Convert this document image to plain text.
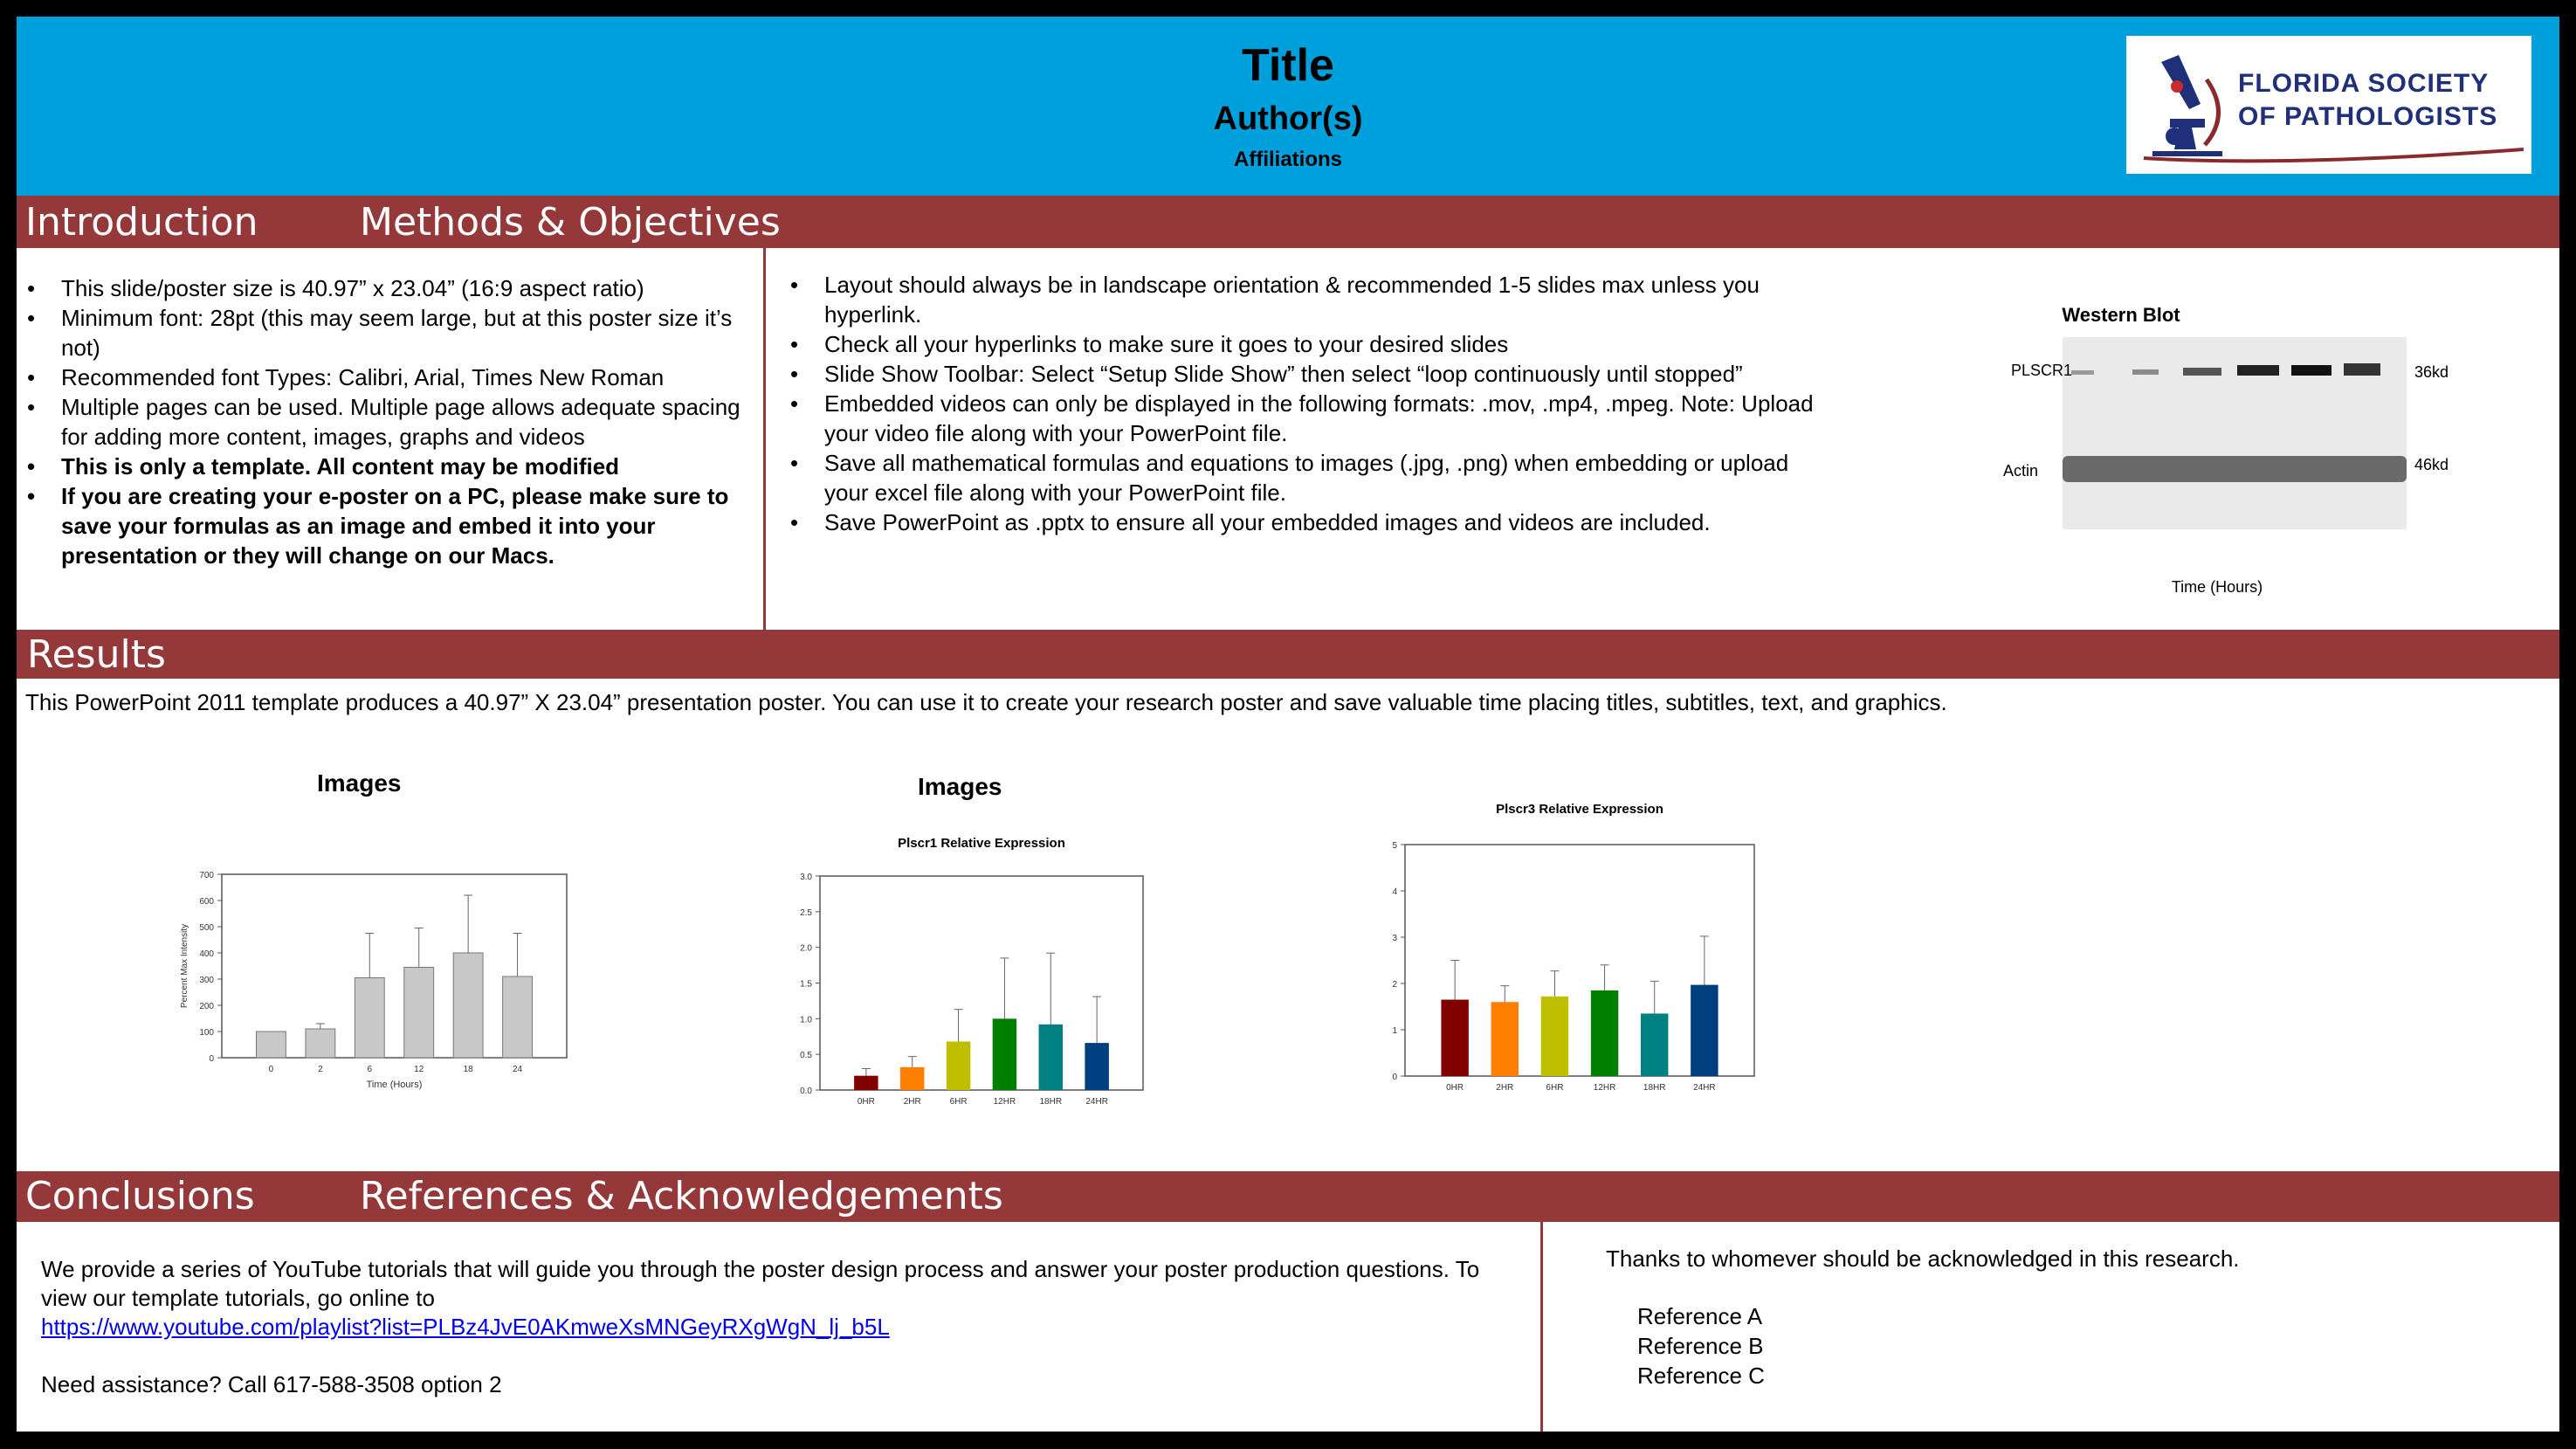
Title
Author(s)
Affiliations
FLORIDA SOCIETY
OF PATHOLOGISTS
Introduction	Methods & Objectives
• This slide/poster size is 40.97” x 23.04” (16:9 aspect ratio)
• Minimum font: 28pt (this may seem large, but at this poster size it’s not)
• Recommended font Types: Calibri, Arial, Times New Roman
• Multiple pages can be used. Multiple page allows adequate spacing for adding more content, images, graphs and videos
• This is only a template. All content may be modified
• If you are creating your e-poster on a PC, please make sure to save your formulas as an image and embed it into your presentation or they will change on our Macs.
• Layout should always be in landscape orientation & recommended 1-5 slides max unless you hyperlink.
• Check all your hyperlinks to make sure it goes to your desired slides
• Slide Show Toolbar: Select “Setup Slide Show” then select “loop continuously until stopped”
• Embedded videos can only be displayed in the following formats: .mov, .mp4, .mpeg. Note: Upload your video file along with your PowerPoint file.
• Save all mathematical formulas and equations to images (.jpg, .png) when embedding or upload your excel file along with your PowerPoint file.
• Save PowerPoint as .pptx to ensure all your embedded images and videos are included.
Western Blot
PLSCR1
Actin
36kd
46kd
Time (Hours)
Results
This PowerPoint 2011 template produces a 40.97” X 23.04” presentation poster. You can use it to create your research poster and save valuable time placing titles, subtitles, text, and graphics.
Images	Images
0
100
200
300
400
500
600
700
Percent Max Intensity
0	2	6	12	18	24
Time (Hours)
Plscr1 Relative Expression
0.0
0.5
1.0
1.5
2.0
2.5
3.0
0HR	2HR	6HR	12HR	18HR	24HR
Plscr3 Relative Expression
0
1
2
3
4
5
0HR	2HR	6HR	12HR	18HR	24HR
Conclusions	References & Acknowledgements
We provide a series of YouTube tutorials that will guide you through the poster design process and answer your poster production questions. To view our template tutorials, go online to
https://www.youtube.com/playlist?list=PLBz4JvE0AKmweXsMNGeyRXgWgN_lj_b5L
Need assistance? Call 617-588-3508 option 2
Thanks to whomever should be acknowledged in this research.
Reference A
Reference B
Reference C
